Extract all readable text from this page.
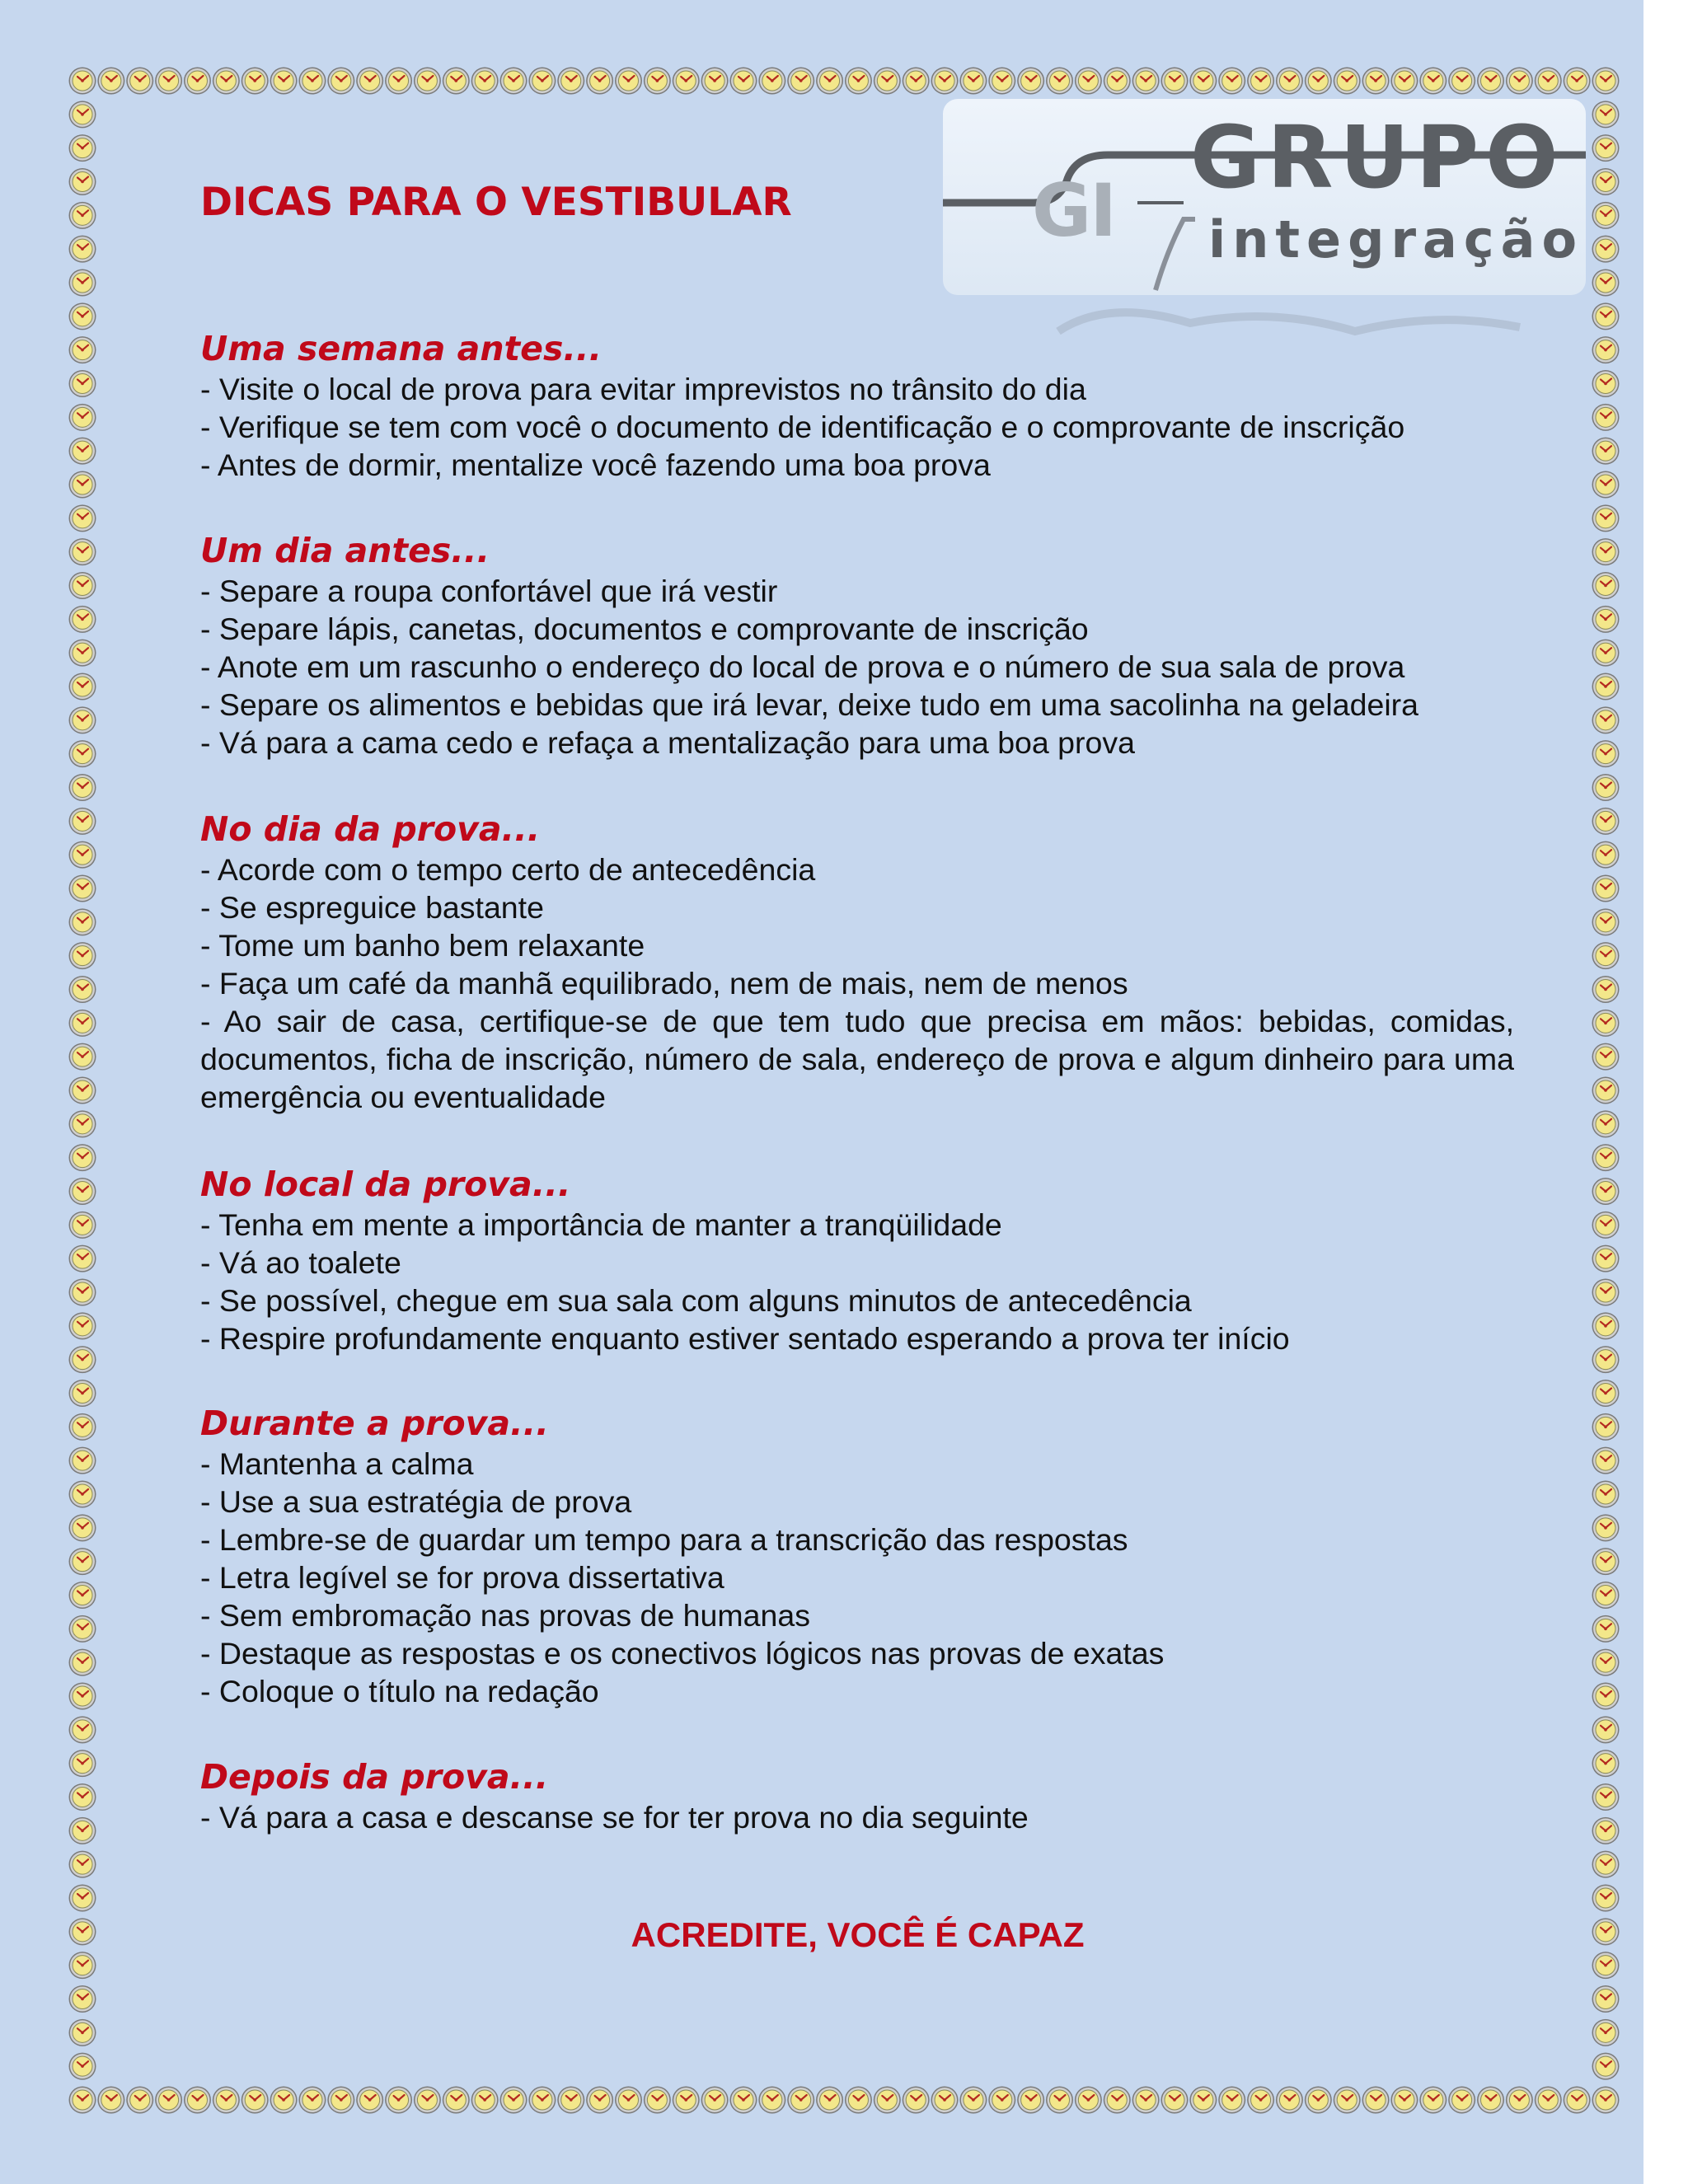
GI
GRUPO
integração
DICAS PARA O VESTIBULAR
Uma semana antes...
- Visite o local de prova para evitar imprevistos no trânsito do dia
- Verifique se tem com você o documento de identificação e o comprovante de inscrição
- Antes de dormir, mentalize você fazendo uma boa prova
Um dia antes...
- Separe a roupa confortável que irá vestir
- Separe lápis, canetas, documentos e comprovante de inscrição
- Anote em um rascunho o endereço do local de prova e o número de sua sala de prova
- Separe os alimentos e bebidas que irá levar, deixe tudo em uma sacolinha na geladeira
- Vá para a cama cedo e refaça a mentalização para uma boa prova
No dia da prova...
- Acorde com o tempo certo de antecedência
- Se espreguice bastante
- Tome um banho bem relaxante
- Faça um café da manhã equilibrado, nem de mais, nem de menos
- Ao sair de casa, certifique-se de que tem tudo que precisa em mãos: bebidas, comidas, documentos, ficha de inscrição, número de sala, endereço de prova e algum dinheiro para uma emergência ou eventualidade
No local da prova...
- Tenha em mente a importância de manter a tranqüilidade
- Vá ao toalete
- Se possível, chegue em sua sala com alguns minutos de antecedência
- Respire profundamente enquanto estiver sentado esperando a prova ter início
Durante a prova...
- Mantenha a calma
- Use a sua estratégia de prova
- Lembre-se de guardar um tempo para a transcrição das respostas
- Letra legível se for prova dissertativa
- Sem embromação nas provas de humanas
- Destaque as respostas e os conectivos lógicos nas provas de exatas
- Coloque o título na redação
Depois da prova...
- Vá para a casa e descanse se for ter prova no dia seguinte
ACREDITE, VOCÊ É CAPAZ
